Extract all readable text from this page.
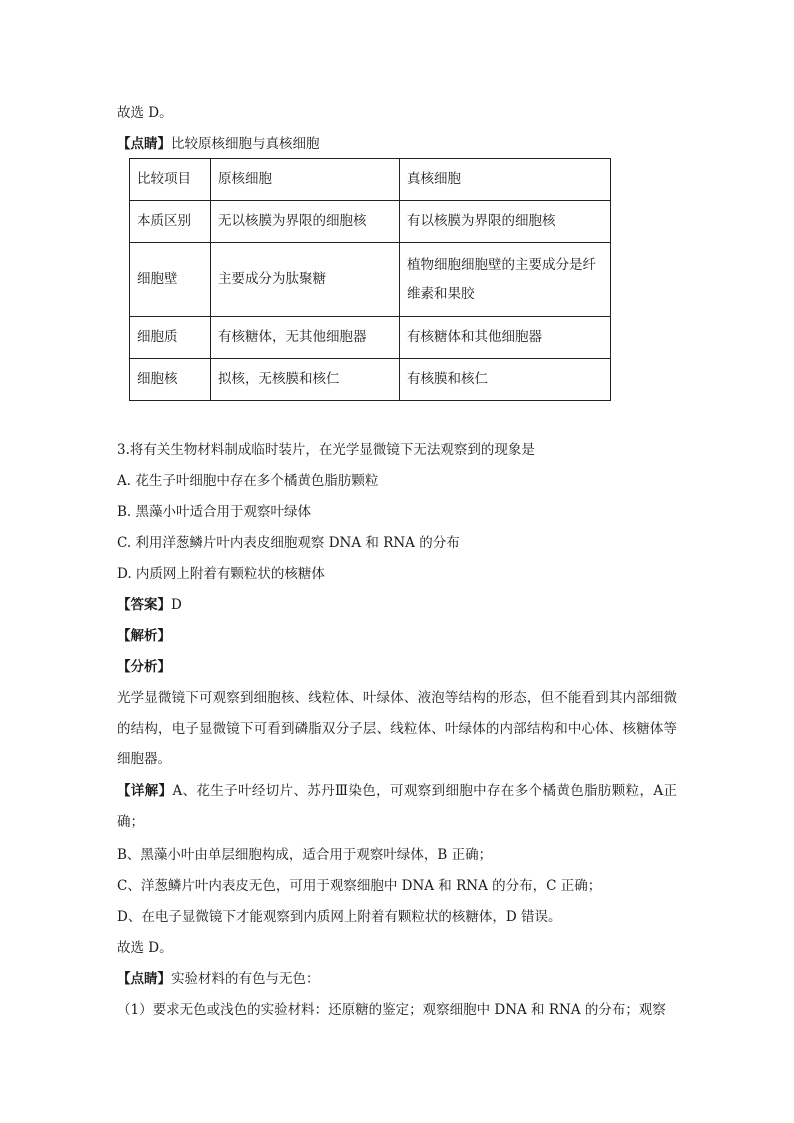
故选 D。
【点睛】比较原核细胞与真核细胞
比较项目	原核细胞	真核细胞
本质区别	无以核膜为界限的细胞核	有以核膜为界限的细胞核
细胞壁	主要成分为肽聚糖	植物细胞细胞壁的主要成分是纤维素和果胶
细胞质	有核糖体，无其他细胞器	有核糖体和其他细胞器
细胞核	拟核，无核膜和核仁	有核膜和核仁
3.将有关生物材料制成临时装片，在光学显微镜下无法观察到的现象是
A. 花生子叶细胞中存在多个橘黄色脂肪颗粒
B. 黑藻小叶适合用于观察叶绿体
C. 利用洋葱鳞片叶内表皮细胞观察 DNA 和 RNA 的分布
D. 内质网上附着有颗粒状的核糖体
【答案】D
【解析】
【分析】
光学显微镜下可观察到细胞核、线粒体、叶绿体、液泡等结构的形态，但不能看到其内部细微的结构，电子显微镜下可看到磷脂双分子层、线粒体、叶绿体的内部结构和中心体、核糖体等细胞器。
【详解】A、花生子叶经切片、苏丹Ⅲ染色，可观察到细胞中存在多个橘黄色脂肪颗粒，A正确；
B、黑藻小叶由单层细胞构成，适合用于观察叶绿体，B 正确；
C、洋葱鳞片叶内表皮无色，可用于观察细胞中 DNA 和 RNA 的分布，C 正确；
D、在电子显微镜下才能观察到内质网上附着有颗粒状的核糖体，D 错误。
故选 D。
【点睛】实验材料的有色与无色：
（1）要求无色或浅色的实验材料：还原糖的鉴定；观察细胞中 DNA 和 RNA 的分布；观察
